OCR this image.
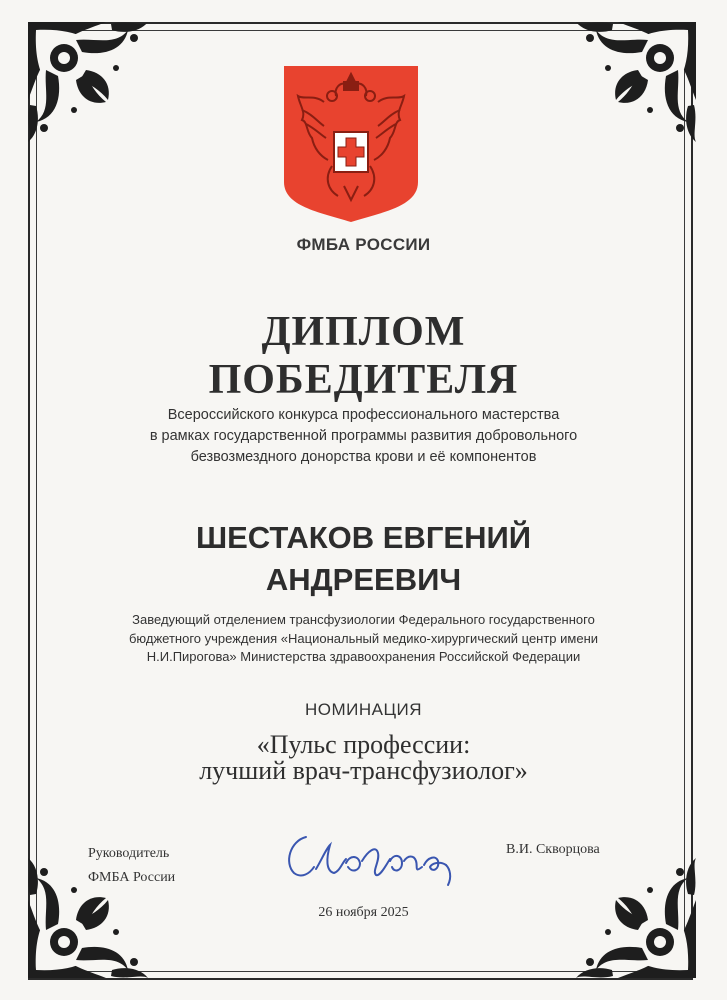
ФМБА РОССИИ
ДИПЛОМ
ПОБЕДИТЕЛЯ
Всероссийского конкурса профессионального мастерства
в рамках государственной программы развития добровольного
безвозмездного донорства крови и её компонентов
ШЕСТАКОВ ЕВГЕНИЙ
АНДРЕЕВИЧ
Заведующий отделением трансфузиологии Федерального государственного
бюджетного учреждения «Национальный медико-хирургический центр имени
Н.И.Пирогова» Министерства здравоохранения Российской Федерации
НОМИНАЦИЯ
«Пульс профессии:
лучший врач-трансфузиолог»
Руководитель
ФМБА России
В.И. Скворцова
26 ноября 2025
